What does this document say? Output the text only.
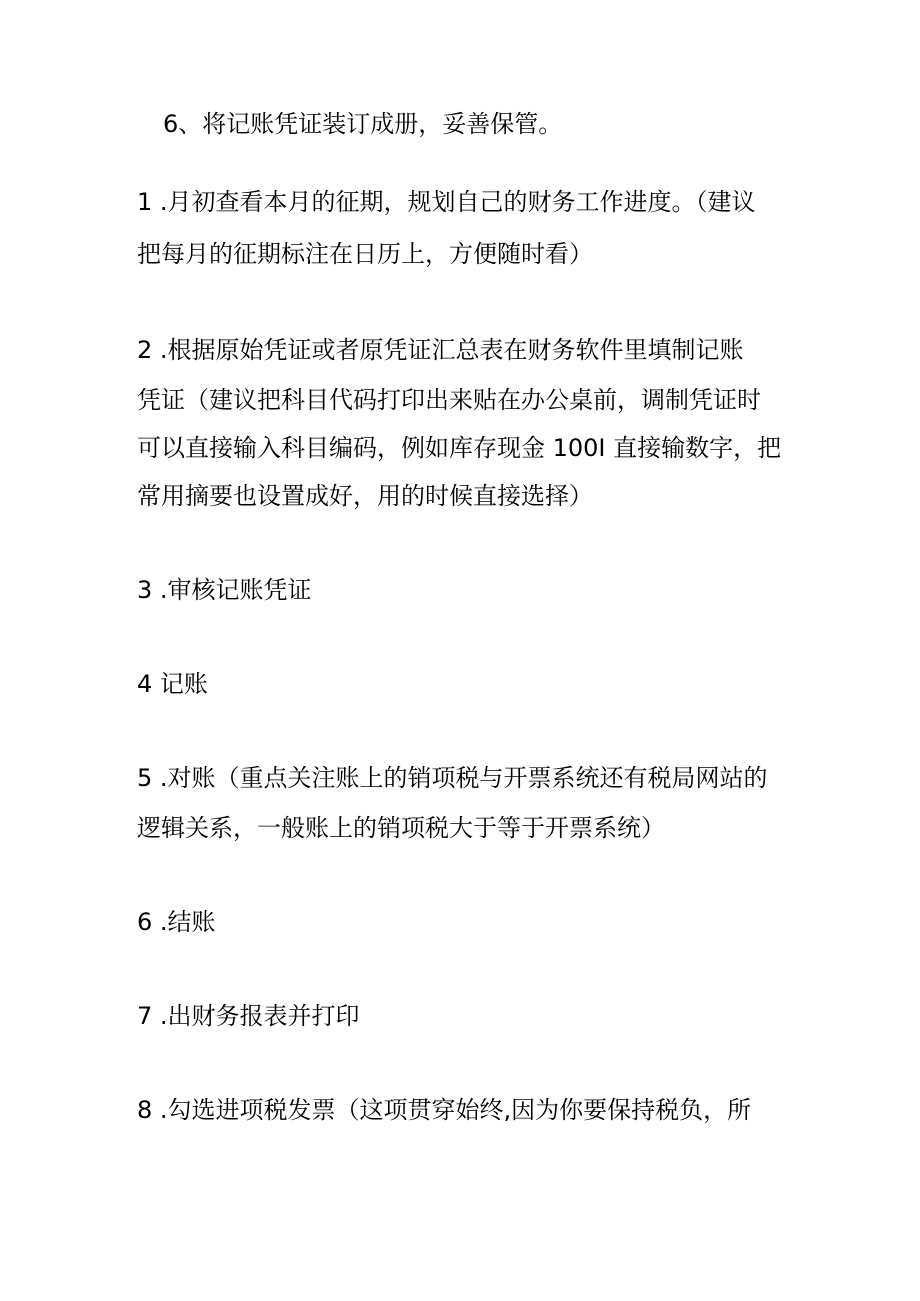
6、将记账凭证装订成册，妥善保管。
1 .月初查看本月的征期，规划自己的财务工作进度。（建议
把每月的征期标注在日历上，方便随时看）
2 .根据原始凭证或者原凭证汇总表在财务软件里填制记账
凭证（建议把科目代码打印出来贴在办公桌前，调制凭证时
可以直接输入科目编码，例如库存现金 100I 直接输数字，把
常用摘要也设置成好，用的时候直接选择）
3 .审核记账凭证
4 记账
5 .对账（重点关注账上的销项税与开票系统还有税局网站的
逻辑关系，一般账上的销项税大于等于开票系统）
6 .结账
7 .出财务报表并打印
8 .勾选进项税发票（这项贯穿始终,因为你要保持税负，所
